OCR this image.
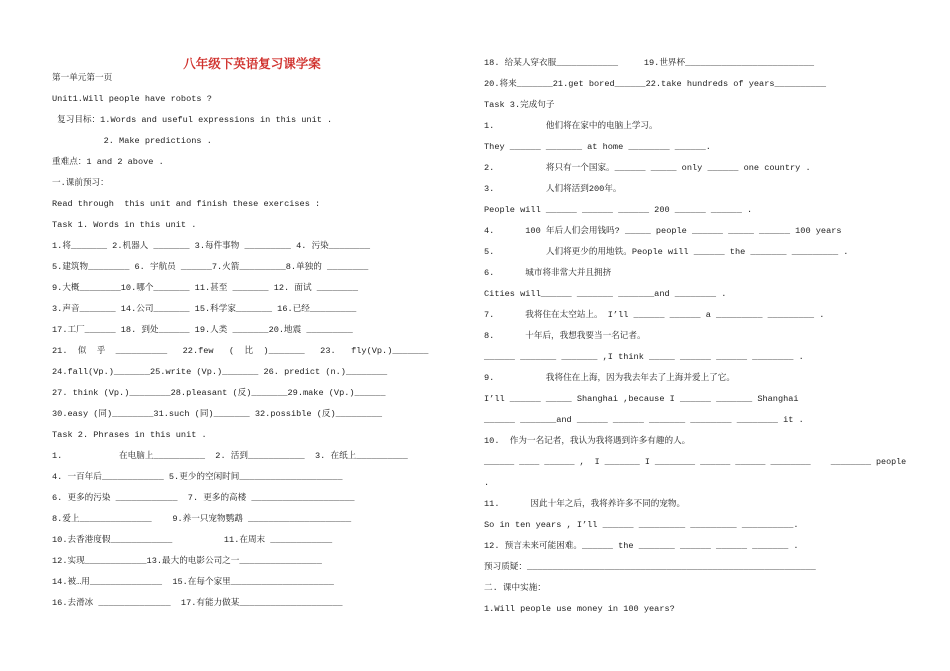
八年级下英语复习课学案
第一单元第一页
Unit1.Will people have robots ?
复习目标：1.Words and useful expressions in this unit .
2. Make predictions .
重难点：1 and 2 above .
一.课前预习：
Read through  this unit and finish these exercises :
Task 1. Words in this unit .
1.将_______ 2.机器人 _______ 3.每件事物 _________ 4. 污染________
5.建筑物________ 6. 宇航员 ______7.火箭_________8.单独的 ________
9.大概________10.哪个_______ 11.甚至 _______ 12. 面试 ________
3.声音_______ 14.公司_______ 15.科学家_______ 16.已经_________
17.工厂______ 18. 到处______ 19.人类 _______20.地震 _________
21.  似  乎  __________   22.few   (  比  )_______   23.   fly(Vp.)_______
24.fall(Vp.)_______25.write (Vp.)_______ 26. predict (n.)________
27. think (Vp.)________28.pleasant (反)_______29.make (Vp.)______
30.easy (同)________31.such (同)_______ 32.possible (反)_________
Task 2. Phrases in this unit .
1.           在电脑上__________  2. 活到___________  3. 在纸上__________
4. 一百年后____________ 5.更少的空闲时间____________________
6. 更多的污染 ____________  7. 更多的高楼 ____________________
8.爱上______________    9.养一只宠物鹦鹉 ____________________
10.去香港度假____________          11.在周末 ____________
12.实现____________13.最大的电影公司之一________________
14.被…用______________  15.在每个家里____________________
16.去滑冰 ______________  17.有能力做某____________________
18. 给某人穿衣服____________     19.世界杯_________________________
20.将来_______21.get bored______22.take hundreds of years__________
Task 3.完成句子
1.          他们将在家中的电脑上学习。
They ______ _______ at home ________ ______.
2.          将只有一个国家。______ _____ only ______ one country .
3.          人们将活到200年。
People will ______ ______ ______ 200 ______ ______ .
4.      100 年后人们会用钱吗? _____ people ______ _____ ______ 100 years
5.          人们将更少的用地铁。People will ______ the _______ _________ .
6.      城市将非常大并且拥挤
Cities will______ _______ _______and ________ .
7.      我将住在太空站上。 I’ll ______ ______ a _________ _________ .
8.      十年后，我想我要当一名记者。
______ _______ _______ ,I think _____ ______ ______ ________ .
9.          我将住在上海，因为我去年去了上海并爱上了它。
I’ll ______ _____ Shanghai ,because I ______ _______ Shanghai
______ _______and ______ ______ _______ ________ ________ it .
10.  作为一名记者，我认为我将遇到许多有趣的人。
______ ____ ______ ,  I _______ I ________ ______ ______ ________    ________ people
.
11.      因此十年之后，我将养许多不同的宠物。
So in ten years , I’ll ______ _________ _________ __________.
12. 预言未来可能困难。______ the _______ ______ ______ _______ .
预习质疑：________________________________________________________
二. 课中实施：
1.Will people use money in 100 years?
